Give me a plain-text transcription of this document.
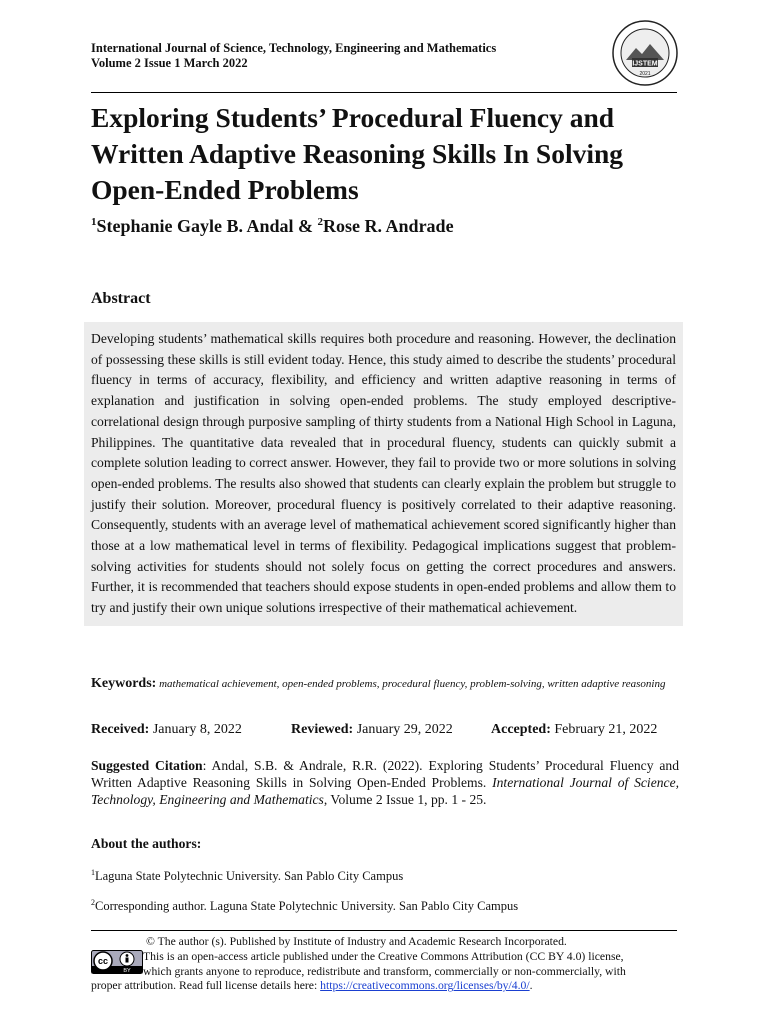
International Journal of Science, Technology, Engineering and Mathematics
Volume 2 Issue 1 March 2022	IJSTEM
2021
Exploring Students’ Procedural Fluency and Written Adaptive Reasoning Skills In Solving Open-Ended Problems
$^1$Stephanie Gayle B. Andal & $^2$Rose R. Andrade
Abstract
Developing students’ mathematical skills requires both procedure and reasoning. However, the declination of possessing these skills is still evident today. Hence, this study aimed to describe the students’ procedural fluency in terms of accuracy, flexibility, and efficiency and written adaptive reasoning in terms of explanation and justification in solving open-ended problems. The study employed descriptive-correlational design through purposive sampling of thirty students from a National High School in Laguna, Philippines. The quantitative data revealed that in procedural fluency, students can quickly submit a complete solution leading to correct answer. However, they fail to provide two or more solutions in solving open-ended problems. The results also showed that students can clearly explain the problem but struggle to justify their solution. Moreover, procedural fluency is positively correlated to their adaptive reasoning. Consequently, students with an average level of mathematical achievement scored significantly higher than those at a low mathematical level in terms of flexibility. Pedagogical implications suggest that problem-solving activities for students should not solely focus on getting the correct procedures and answers. Further, it is recommended that teachers should expose students in open-ended problems and allow them to try and justify their own unique solutions irrespective of their mathematical achievement.
Keywords: mathematical achievement, open-ended problems, procedural fluency, problem-solving, written adaptive reasoning
Received: January 8, 2022	Reviewed: January 29, 2022	Accepted: February 21, 2022
Suggested Citation: Andal, S.B. & Andrale, R.R. (2022). Exploring Students’ Procedural Fluency and Written Adaptive Reasoning Skills in Solving Open-Ended Problems. International Journal of Science, Technology, Engineering and Mathematics, Volume 2 Issue 1, pp. 1 - 25.
About the authors:
$^1$Laguna State Polytechnic University. San Pablo City Campus
$^2$Corresponding author. Laguna State Polytechnic University. San Pablo City Campus
cc
BY

© The author (s). Published by Institute of Industry and Academic Research Incorporated.

This is an open-access article published under the Creative Commons Attribution (CC BY 4.0) license,

which grants anyone to reproduce, redistribute and transform, commercially or non-commercially, with

proper attribution. Read full license details here: https://creativecommons.org/licenses/by/4.0/.
